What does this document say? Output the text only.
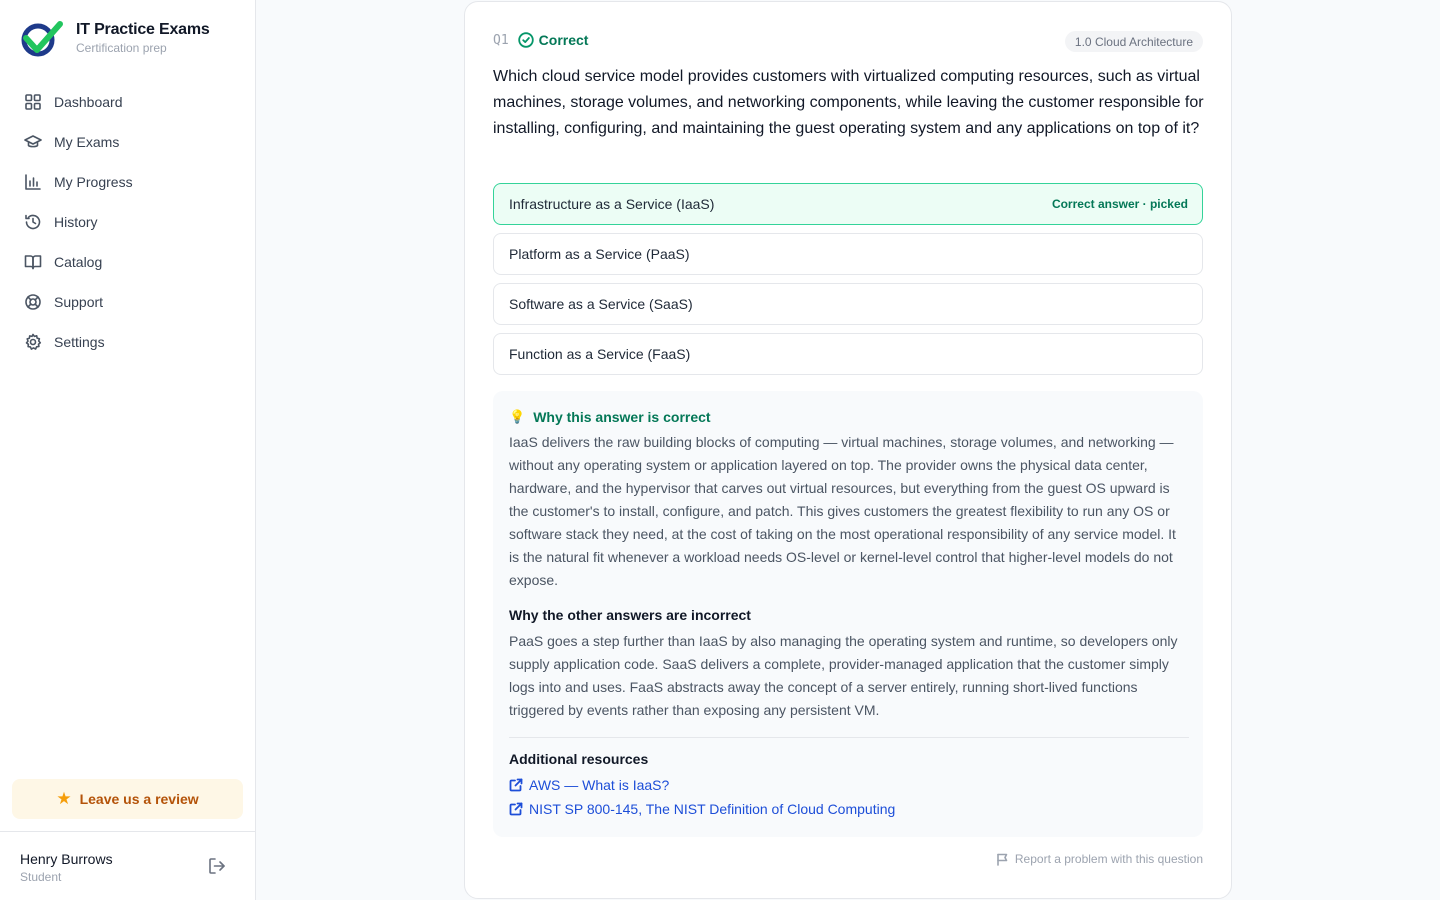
IT Practice Exams
Certification prep
Dashboard
My Exams
My Progress
History
Catalog
Support
Settings
★ Leave us a review
Henry Burrows
Student
Q1 Correct	1.0 Cloud Architecture
Which cloud service model provides customers with virtualized computing resources, such as virtual machines, storage volumes, and networking components, while leaving the customer responsible for installing, configuring, and maintaining the guest operating system and any applications on top of it?
Infrastructure as a Service (IaaS)	Correct answer · picked
Platform as a Service (PaaS)
Software as a Service (SaaS)
Function as a Service (FaaS)
💡 Why this answer is correct
IaaS delivers the raw building blocks of computing — virtual machines, storage volumes, and networking — without any operating system or application layered on top. The provider owns the physical data center, hardware, and the hypervisor that carves out virtual resources, but everything from the guest OS upward is the customer's to install, configure, and patch. This gives customers the greatest flexibility to run any OS or software stack they need, at the cost of taking on the most operational responsibility of any service model. It is the natural fit whenever a workload needs OS-level or kernel-level control that higher-level models do not expose.
Why the other answers are incorrect
PaaS goes a step further than IaaS by also managing the operating system and runtime, so developers only supply application code. SaaS delivers a complete, provider-managed application that the customer simply logs into and uses. FaaS abstracts away the concept of a server entirely, running short-lived functions triggered by events rather than exposing any persistent VM.
Additional resources
AWS — What is IaaS?
NIST SP 800-145, The NIST Definition of Cloud Computing
Report a problem with this question
